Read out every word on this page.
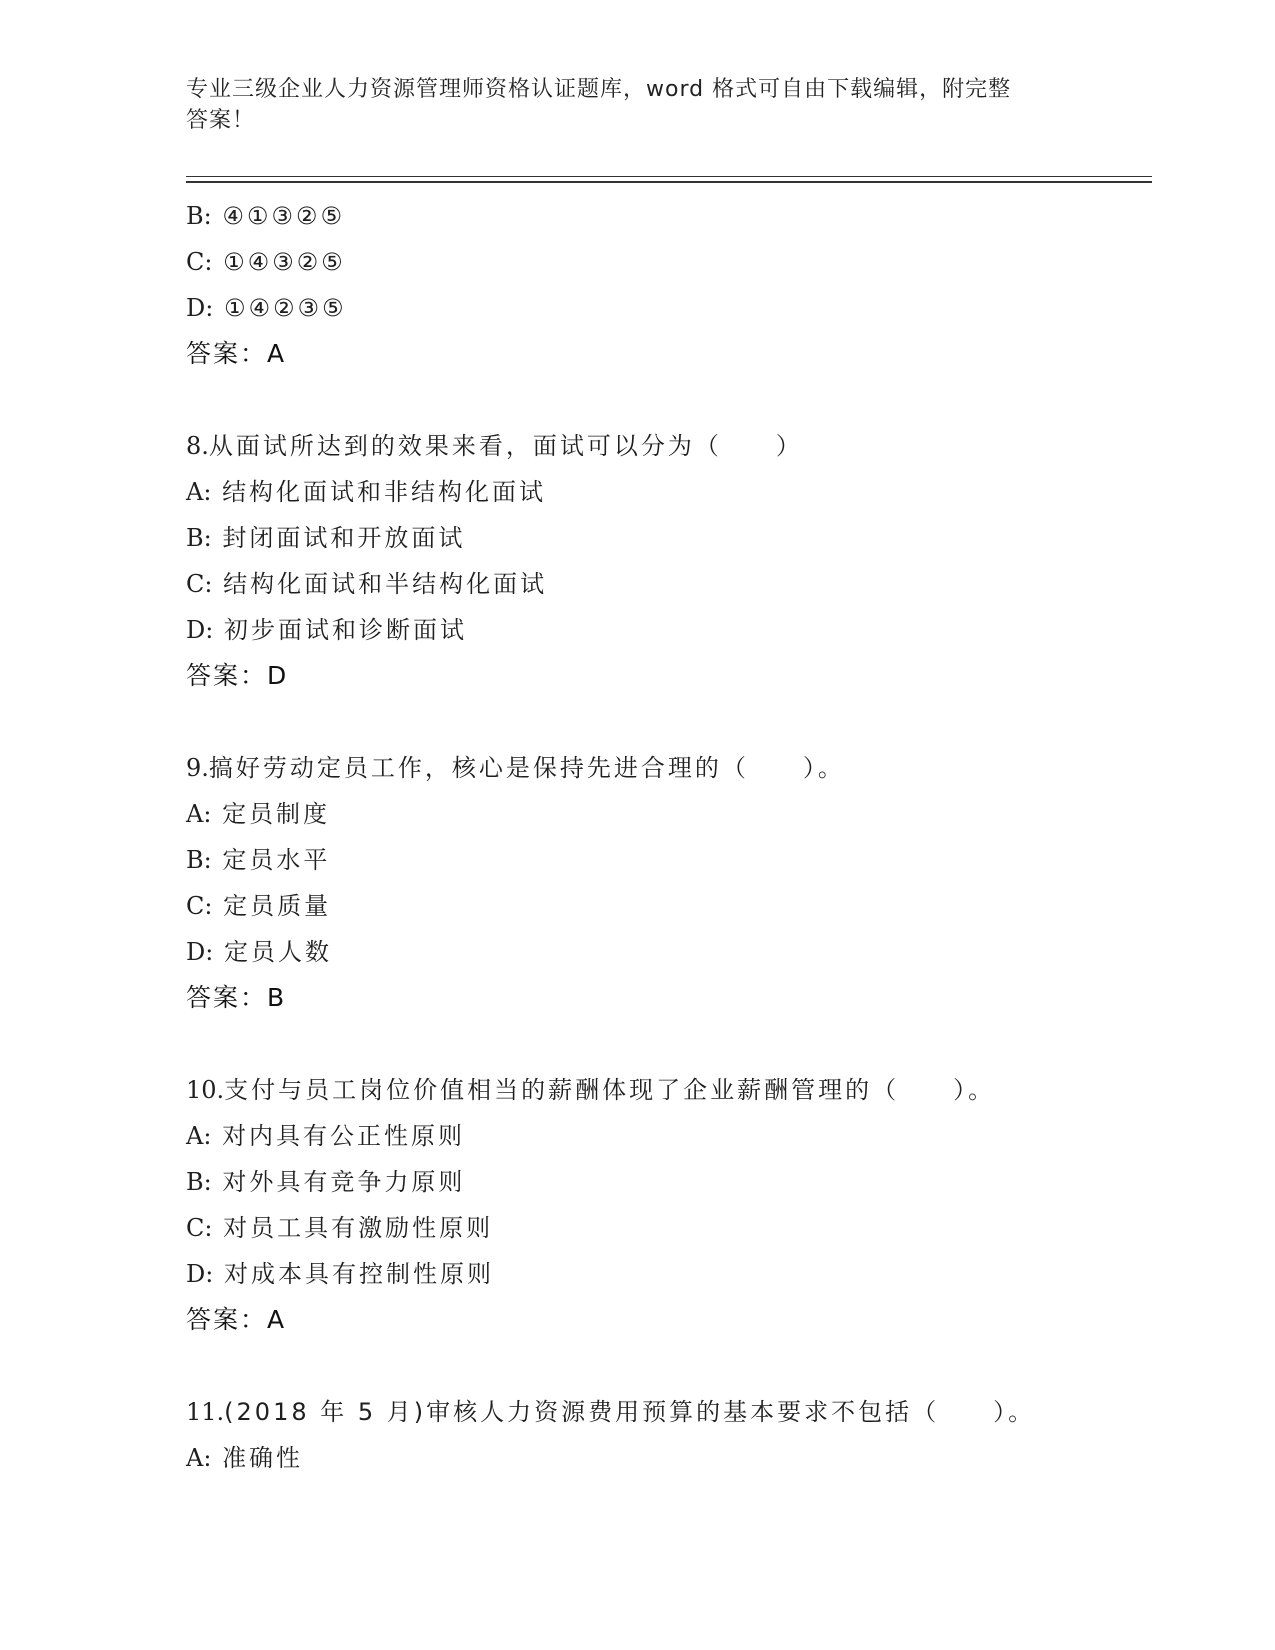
专业三级企业人力资源管理师资格认证题库，word 格式可自由下载编辑，附完整
答案！
B: ④①③②⑤
C: ①④③②⑤
D: ①④②③⑤
答案：A
8.从面试所达到的效果来看，面试可以分为（　　）
A: 结构化面试和非结构化面试
B: 封闭面试和开放面试
C: 结构化面试和半结构化面试
D: 初步面试和诊断面试
答案：D
9.搞好劳动定员工作，核心是保持先进合理的（　　）。
A: 定员制度
B: 定员水平
C: 定员质量
D: 定员人数
答案：B
10.支付与员工岗位价值相当的薪酬体现了企业薪酬管理的（　　）。
A: 对内具有公正性原则
B: 对外具有竞争力原则
C: 对员工具有激励性原则
D: 对成本具有控制性原则
答案：A
11.(2018 年 5 月)审核人力资源费用预算的基本要求不包括（　　）。
A: 准确性
